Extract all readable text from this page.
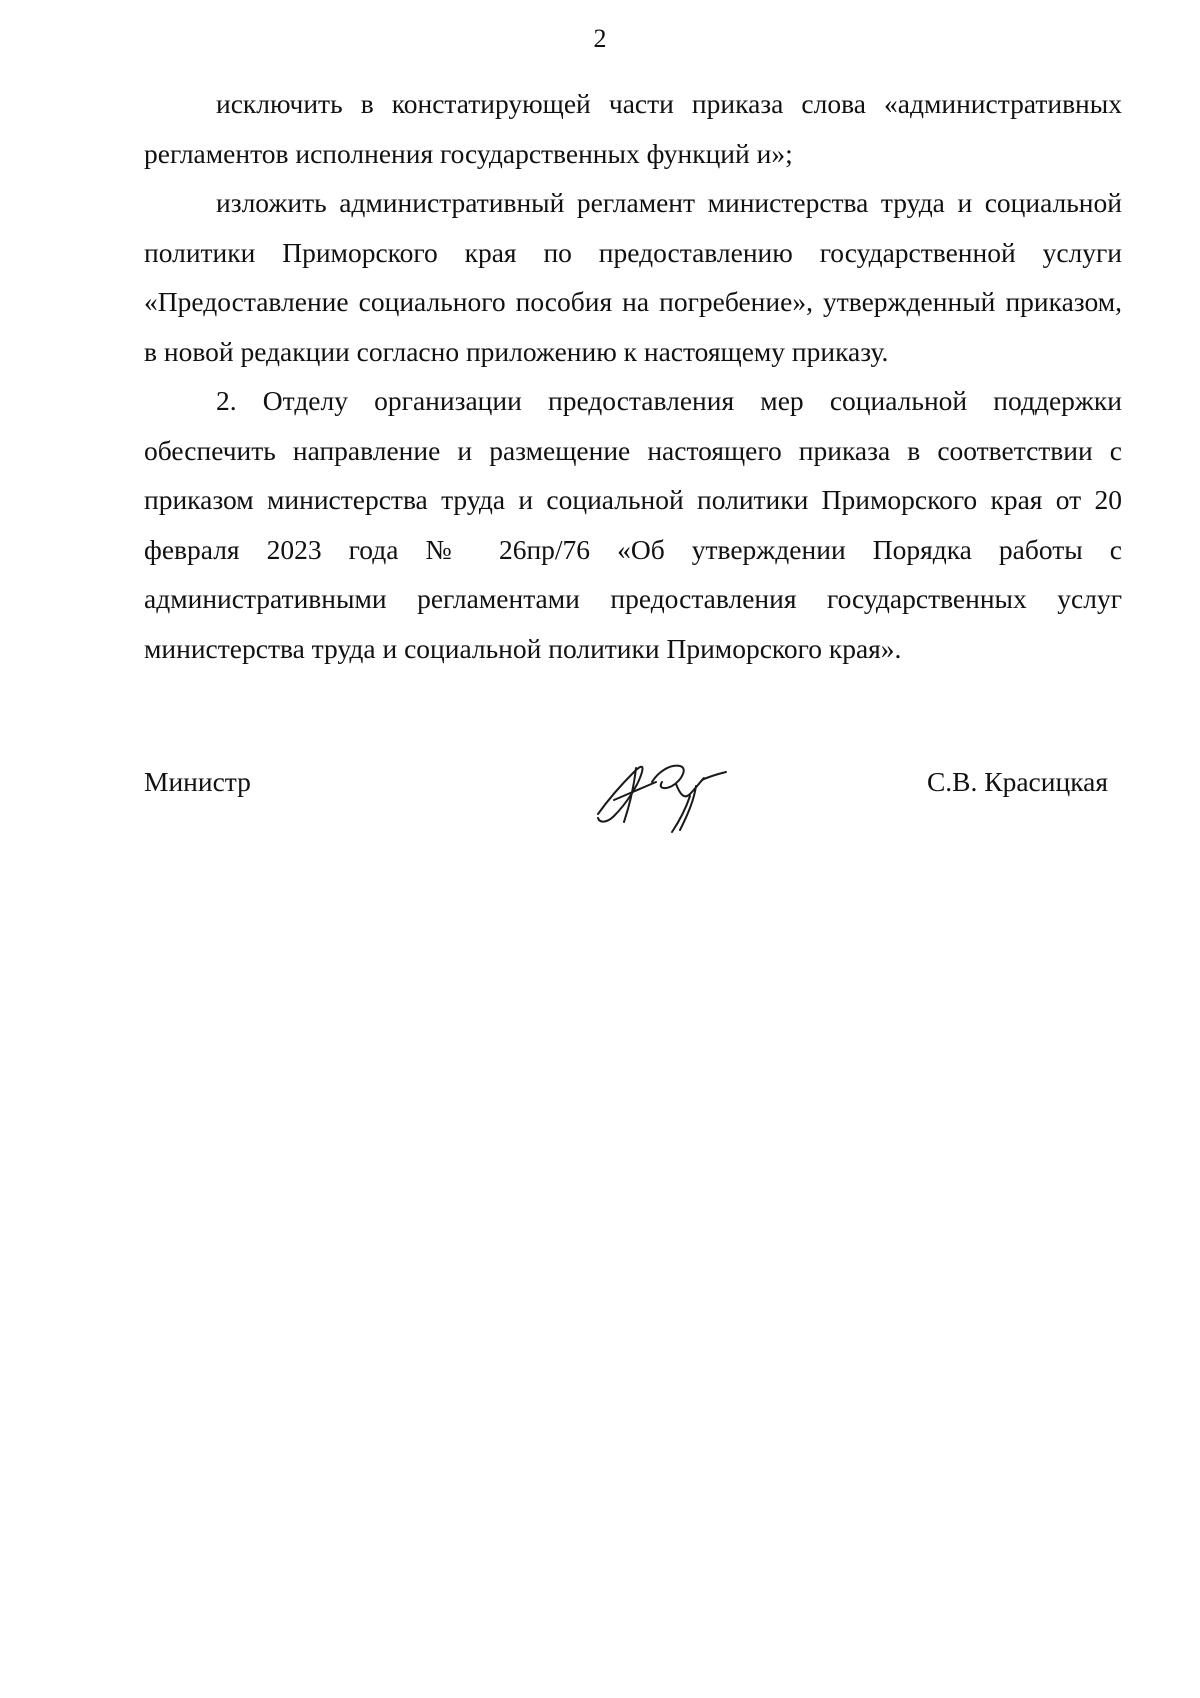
2

исключить в констатирующей части приказа слова «административных регламентов исполнения государственных функций и»;

изложить административный регламент министерства труда и социальной политики Приморского края по предоставлению государственной услуги «Предоставление социального пособия на погребение», утвержденный приказом, в новой редакции согласно приложению к настоящему приказу.

2. Отделу организации предоставления мер социальной поддержки обеспечить направление и размещение настоящего приказа в соответствии с приказом министерства труда и социальной политики Приморского края от 20 февраля 2023 года № 26пр/76 «Об утверждении Порядка работы с административными регламентами предоставления государственных услуг министерства труда и социальной политики Приморского края».

Министр	С.В. Красицкая
